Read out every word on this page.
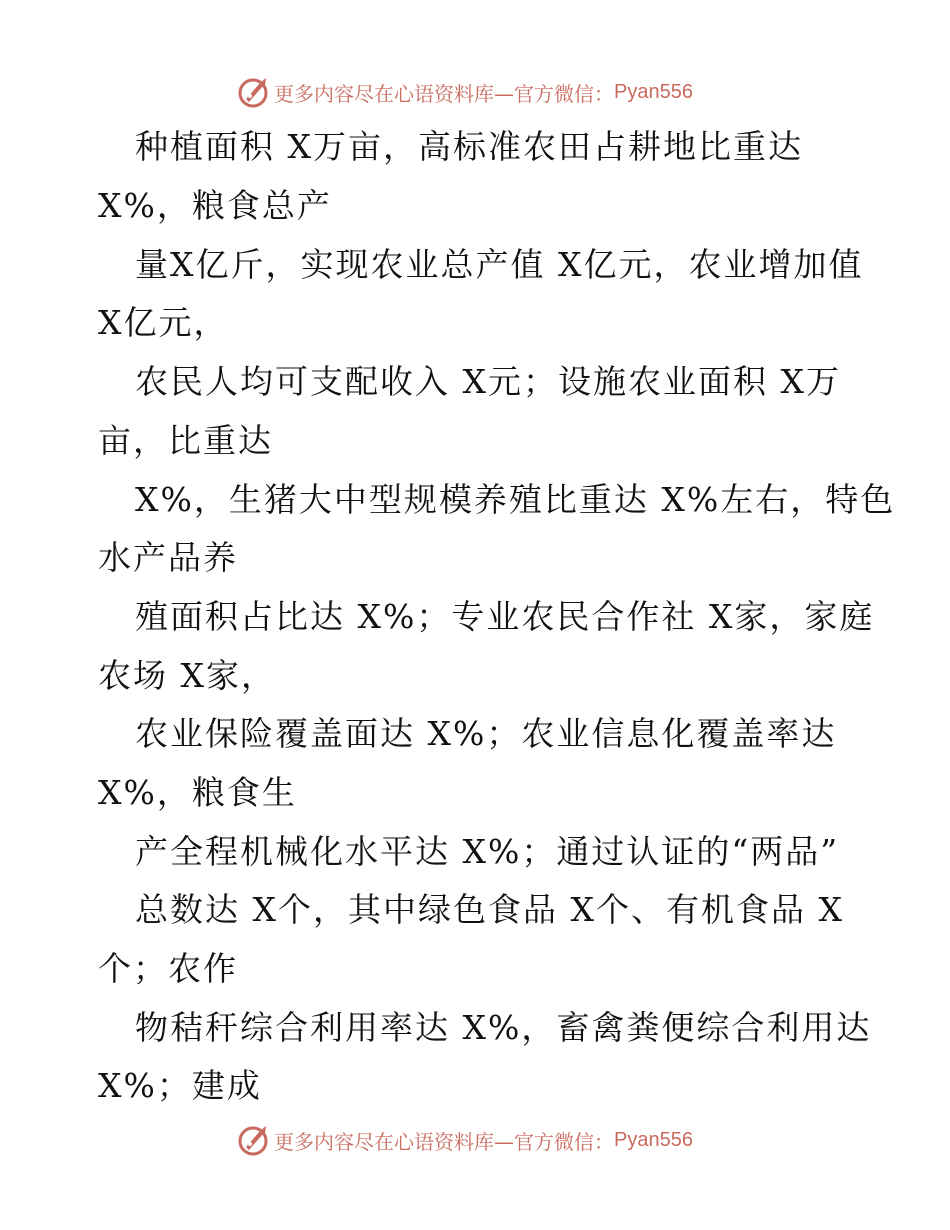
更多内容尽在心语资料库—官方微信： Pyan556
种植面积 X万亩，高标准农田占耕地比重达
X%，粮食总产
量X亿斤，实现农业总产值 X亿元，农业增加值
X亿元，
农民人均可支配收入 X元；设施农业面积 X万
亩，比重达
X%，生猪大中型规模养殖比重达 X%左右，特色
水产品养
殖面积占比达 X%；专业农民合作社 X家，家庭
农场 X家，
农业保险覆盖面达 X%；农业信息化覆盖率达
X%，粮食生
产全程机械化水平达 X%；通过认证的“两品”
总数达 X个，其中绿色食品 X个、有机食品 X
个；农作
物秸秆综合利用率达 X%，畜禽粪便综合利用达
X%；建成
更多内容尽在心语资料库—官方微信： Pyan556
